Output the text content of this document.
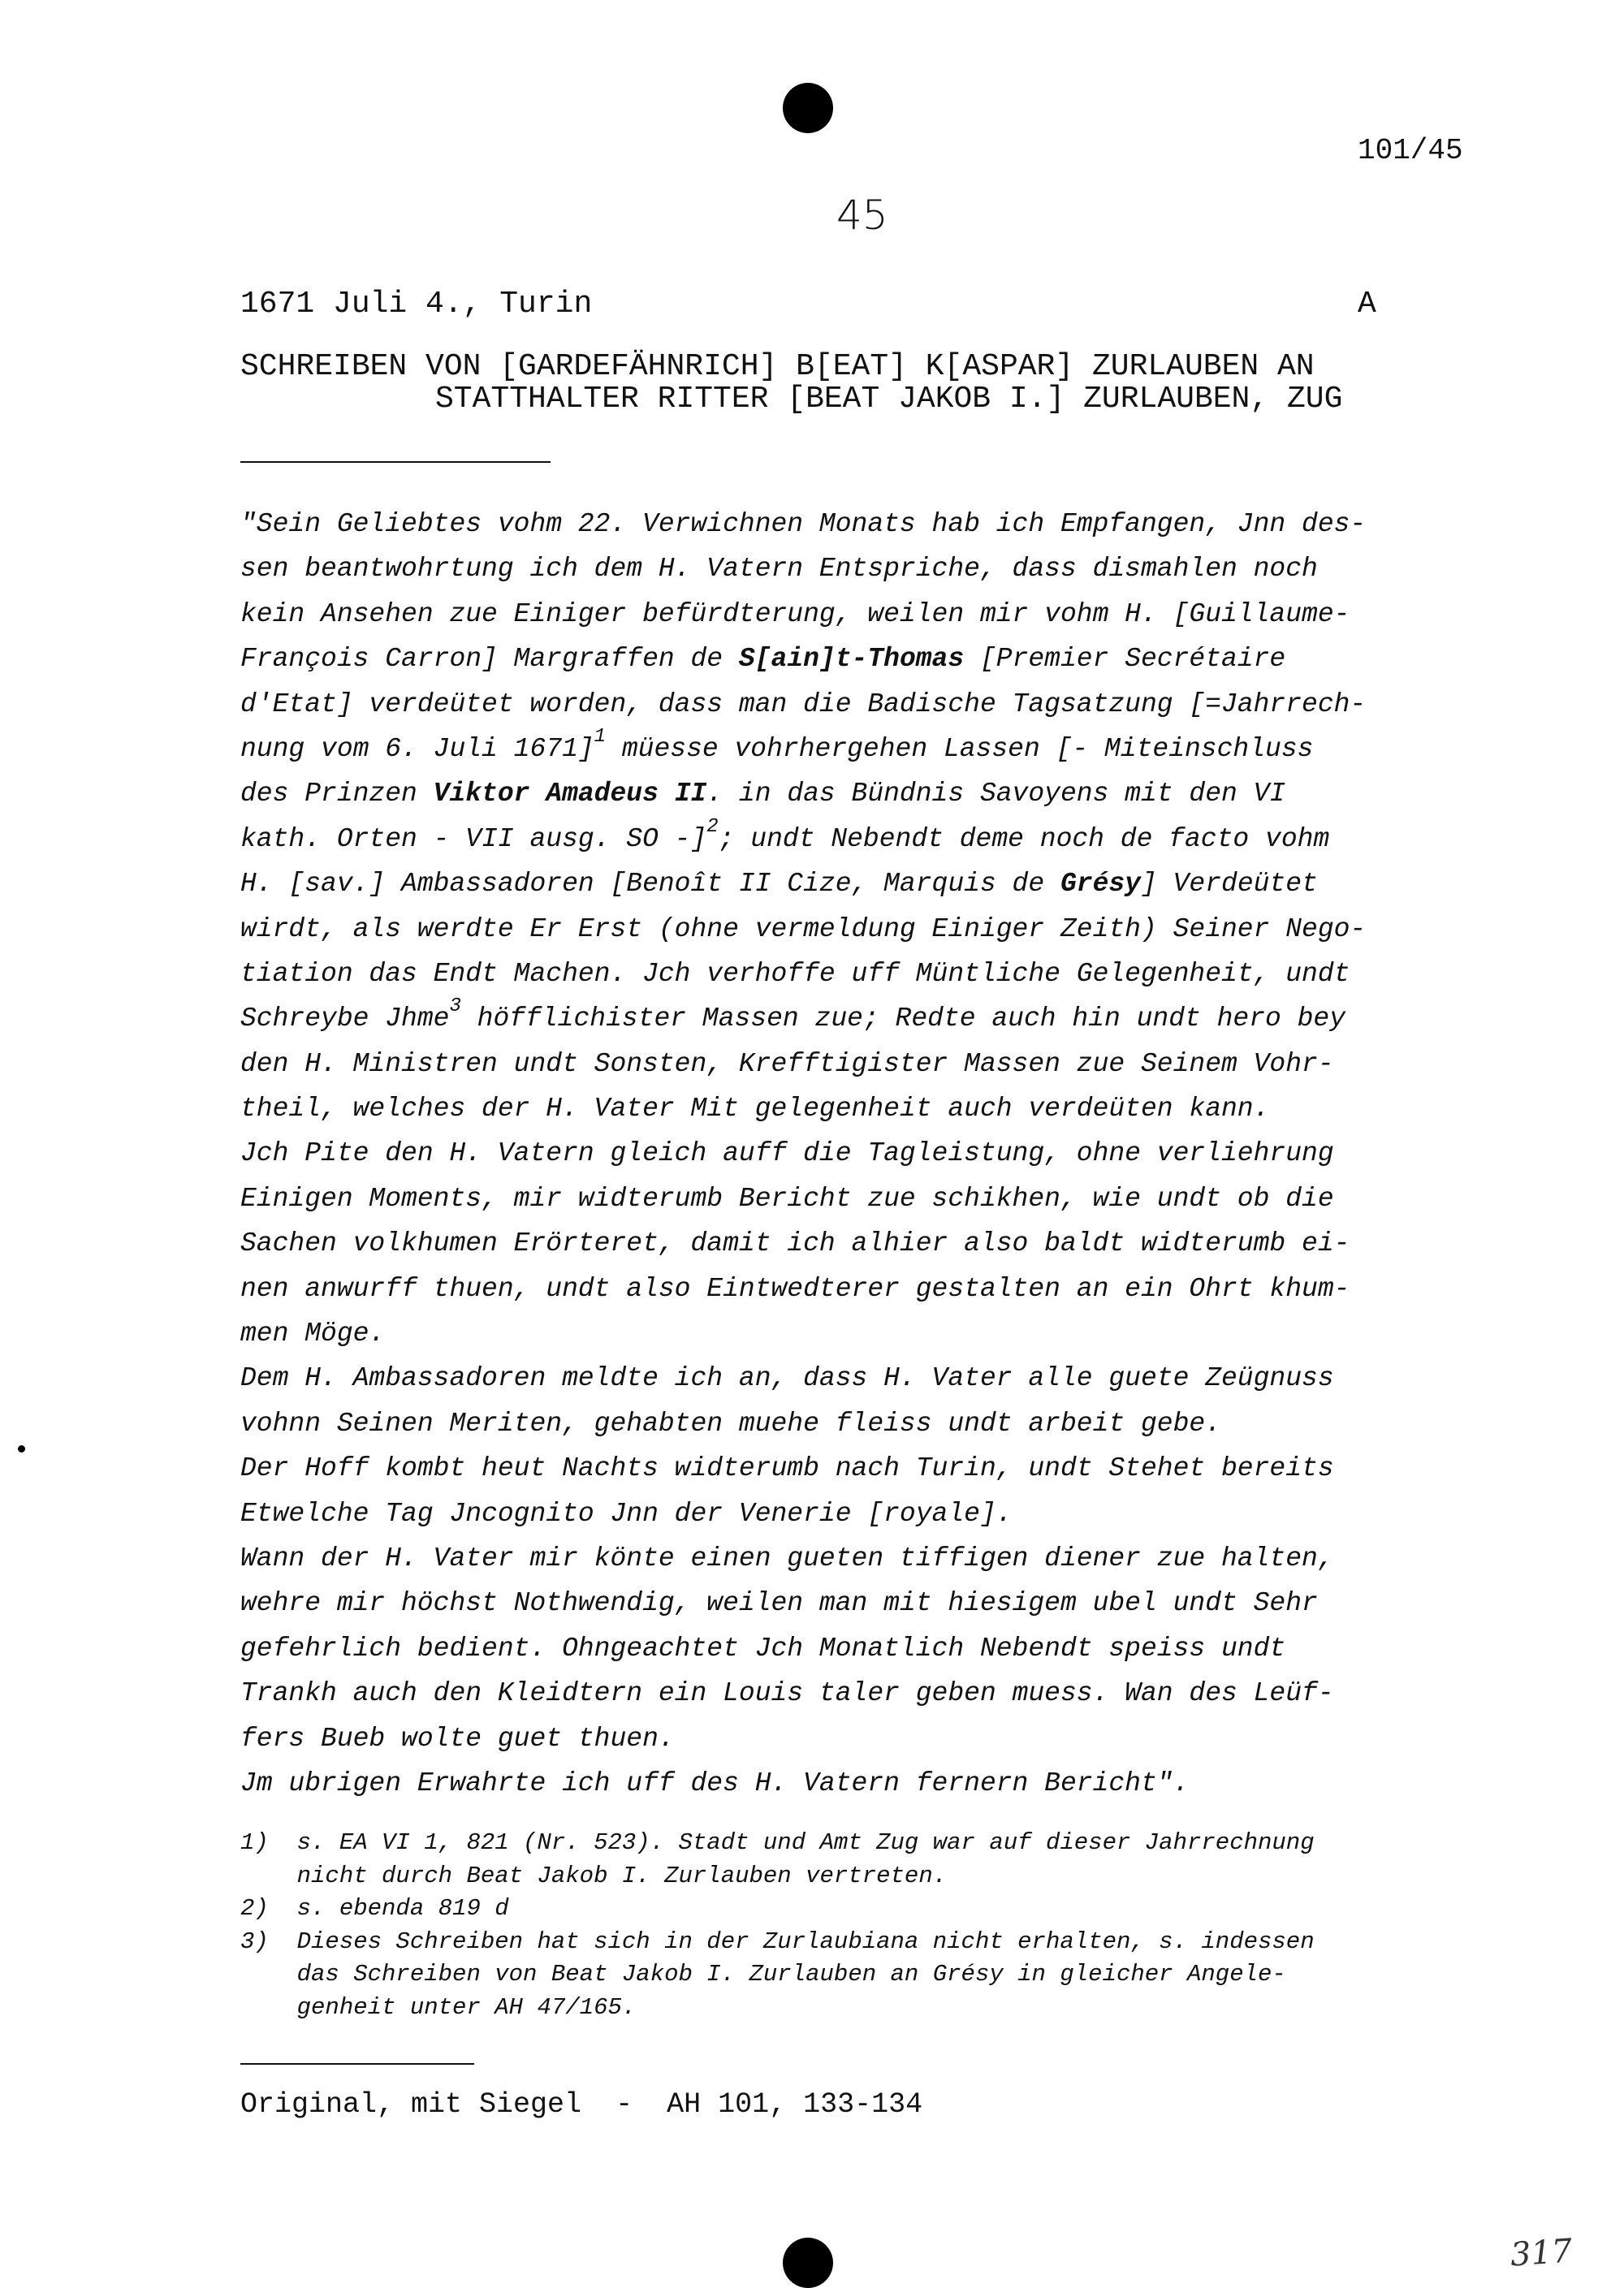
101/45
45
1671 Juli 4., Turin	A
SCHREIBEN VON [GARDEFÄHNRICH] B[EAT] K[ASPAR] ZURLAUBEN AN
STATTHALTER RITTER [BEAT JAKOB I.] ZURLAUBEN, ZUG
"Sein Geliebtes vohm 22. Verwichnen Monats hab ich Empfangen, Jnn des-
sen beantwohrtung ich dem H. Vatern Entspriche, dass dismahlen noch
kein Ansehen zue Einiger befürdterung, weilen mir vohm H. [Guillaume-
François Carron] Margraffen de S[ain]t-Thomas [Premier Secrétaire
d'Etat] verdeütet worden, dass man die Badische Tagsatzung [=Jahrrech-
nung vom 6. Juli 1671]$^1$ müesse vohrhergehen Lassen [- Miteinschluss
des Prinzen Viktor Amadeus II. in das Bündnis Savoyens mit den VI
kath. Orten - VII ausg. SO -]$^2$; undt Nebendt deme noch de facto vohm
H. [sav.] Ambassadoren [Benoît II Cize, Marquis de Grésy] Verdeütet
wirdt, als werdte Er Erst (ohne vermeldung Einiger Zeith) Seiner Nego-
tiation das Endt Machen. Jch verhoffe uff Müntliche Gelegenheit, undt
Schreybe Jhme$^3$ höfflichister Massen zue; Redte auch hin undt hero bey
den H. Ministren undt Sonsten, Krefftigister Massen zue Seinem Vohr-
theil, welches der H. Vater Mit gelegenheit auch verdeüten kann.
Jch Pite den H. Vatern gleich auff die Tagleistung, ohne verliehrung
Einigen Moments, mir widterumb Bericht zue schikhen, wie undt ob die
Sachen volkhumen Erörteret, damit ich alhier also baldt widterumb ei-
nen anwurff thuen, undt also Eintwedterer gestalten an ein Ohrt khum-
men Möge.
Dem H. Ambassadoren meldte ich an, dass H. Vater alle guete Zeügnuss
vohnn Seinen Meriten, gehabten muehe fleiss undt arbeit gebe.
Der Hoff kombt heut Nachts widterumb nach Turin, undt Stehet bereits
Etwelche Tag Jncognito Jnn der Venerie [royale].
Wann der H. Vater mir könte einen gueten tiffigen diener zue halten,
wehre mir höchst Nothwendig, weilen man mit hiesigem ubel undt Sehr
gefehrlich bedient. Ohngeachtet Jch Monatlich Nebendt speiss undt
Trankh auch den Kleidtern ein Louis taler geben muess. Wan des Leüf-
fers Bueb wolte guet thuen.
Jm ubrigen Erwahrte ich uff des H. Vatern fernern Bericht".
1)  s. EA VI 1, 821 (Nr. 523). Stadt und Amt Zug war auf dieser Jahrrechnung
nicht durch Beat Jakob I. Zurlauben vertreten.
2)  s. ebenda 819 d
3)  Dieses Schreiben hat sich in der Zurlaubiana nicht erhalten, s. indessen
das Schreiben von Beat Jakob I. Zurlauben an Grésy in gleicher Angele-
genheit unter AH 47/165.
Original, mit Siegel  -  AH 101, 133-134
317
